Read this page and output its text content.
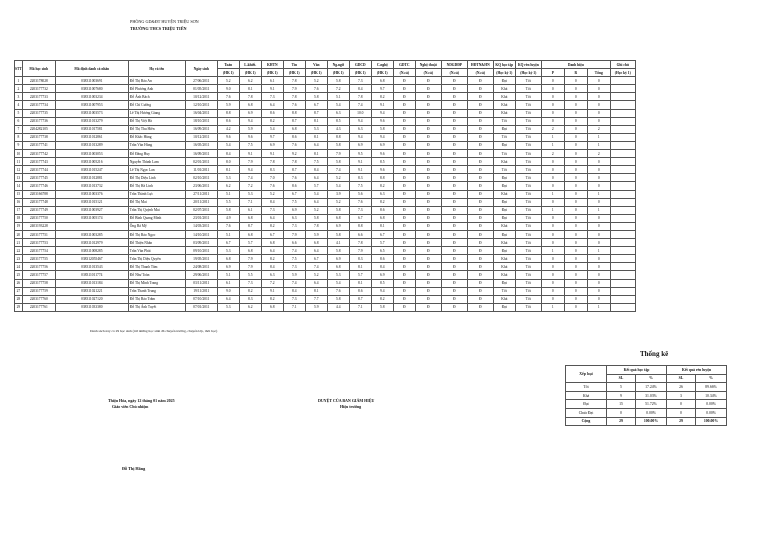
PHÒNG GD&ĐT HUYỆN TRIỆU SƠN
TRƯỜNG THCS TRIỆU TIẾN
STT	Mã học sinh	Mã định danh cá nhân	Họ và tên	Ngày sinh	Toán	L.khiết.	KHTN	Tin	Văn	Ng.ngữ	GDCD	C.nghệ	GDTC	Nghệ thuật	NDGDĐP	HĐTN&HN	KQ học tập	KQ rèn luyện	Danh hiệu			Ghi chú
					(HK 1)	(HK 1)	(HK 1)	(HK 1)	(HK 1)	(HK 1)	(HK 1)	(HK 1)	(N.cả)	(N.cả)	(N.cả)	(N.cả)	(Học kỳ 1)	(Học kỳ 1)	P	R	Tổng	(Học kỳ 1)
1	2203178028	038311003691	Đỗ Thị Bảo An	27/06/2011	5.2	6.2	6.1	7.8	5.2	5.8	7.3	6.8	Đ	Đ	Đ	Đ	Đạt	Tốt	0	0	0	
2	2203177732	038311007680	Đỗ Phương Anh	01/05/2011	9.0	8.1	9.1	7.9	7.6	7.2	8.4	9.7	Đ	Đ	Đ	Đ	Khá	Tốt	0	0	0	
3	2203177733	038311003234	Đỗ Ánh Bách	10/12/2011	7.6	7.8	7.3	7.8	5.8	5.1	7.8	8.2	Đ	Đ	Đ	Đ	Khá	Tốt	0	0	0	
4	2203177734	038311007953	Đỗ Chí Cường	12/10/2011	5.9	6.8	6.4	7.6	6.7	5.4	7.4	9.1	Đ	Đ	Đ	Đ	Khá	Tốt	0	0	0	
5	2203177735	038311003573	Lê Thị Hương Giang	16/04/2011	8.8	6.9	8.6	8.8	8.7	6.3	10.0	9.4	Đ	Đ	Đ	Đ	Khá	Tốt	0	0	0	
6	2203177736	038311013279	Đỗ Thị Việt Hà	18/10/2011	8.6	9.4	8.2	8.7	8.1	8.5	9.4	9.6	Đ	Đ	Đ	Đ	Tốt	Tốt	0	0	0	
7	2204282105	038311017581	Đỗ Thị Thu Hiền	16/09/2011	4.2	5.9	5.4	6.8	5.3	4.3	6.3	5.8	Đ	Đ	Đ	Đ	Đạt	Tốt	2	0	2	
8	2203177738	038311012861	Đỗ Khắc Hùng	10/12/2011	9.6	9.6	9.7	8.6	8.1	8.8	9.4	9.4	Đ	Đ	Đ	Đ	Tốt	Tốt	1	0	1	
9	2203177741	038311013289	Trần Văn Hùng	16/05/2011	5.4	7.5	6.9	7.6	6.4	5.8	6.9	6.9	Đ	Đ	Đ	Đ	Đạt	Tốt	1	0	1	
10	2203177742	038311003053	Đỗ Đăng Huy	16/09/2011	8.4	9.1	9.1	9.2	8.1	7.9	9.5	9.6	Đ	Đ	Đ	Đ	Tốt	Tốt	2	0	2	
11	2203177743	038311005216	Nguyễn Thành Lam	02/01/2011	8.0	7.9	7.8	7.8	7.5	5.8	9.1	8.5	Đ	Đ	Đ	Đ	Khá	Tốt	0	0	0	
12	2203177744	038311015247	Lê Thị Ngọc Lan	11/01/2011	8.1	9.4	8.3	8.7	8.4	7.4	9.1	9.6	Đ	Đ	Đ	Đ	Tốt	Tốt	0	0	0	
13	2203177745	038311012881	Đỗ Thị Diệu Linh	02/10/2011	5.3	7.4	7.0	7.6	6.4	5.2	8.3	8.8	Đ	Đ	Đ	Đ	Đạt	Tốt	0	0	0	
14	2203177746	038311013732	Đỗ Thị Hà Linh	23/06/2011	6.2	7.2	7.6	8.6	5.7	5.4	7.5	8.2	Đ	Đ	Đ	Đ	Đạt	Tốt	0	0	0	
15	2203166788	038311003376	Trần Thành Lực	27/11/2011	5.1	5.3	5.2	6.7	5.4	3.9	5.6	6.3	Đ	Đ	Đ	Đ	Khá	Tốt	1	0	1	
16	2203177748	038311015121	Đỗ Thị Mai	20/11/2011	5.5	7.1	8.4	7.5	6.4	5.2	7.6	8.2	Đ	Đ	Đ	Đ	Đạt	Tốt	0	0	0	
17	2203177749	038311003927	Trần Thị Quỳnh Mai	02/07/2011	5.8	6.1	7.3	6.9	5.2	5.8	7.3	8.6	Đ	Đ	Đ	Đ	Đạt	Tốt	1	0	1	
18	2203177750	038311005174	Đỗ Bình Quang Minh	23/01/2011	4.9	6.8	6.4	6.3	5.8	6.8	6.7	6.8	Đ	Đ	Đ	Đ	Đạt	Tốt	0	0	0	
19	2403193228		Ông Bá Mỹ	14/03/2011	7.6	8.7	8.2	7.3	7.8	6.9	8.8	8.1	Đ	Đ	Đ	Đ	Khá	Tốt	0	0	0	
20	2203177751	038311003285	Đỗ Thị Bảo Ngọc	14/10/2011	5.1	6.8	6.7	7.9	5.9	5.8	6.6	6.7	Đ	Đ	Đ	Đ	Đạt	Tốt	0	0	0	
21	2203177753	038311012979	Đỗ Thiện Nhân	03/09/2011	6.7	5.7	6.8	6.6	6.8	4.1	7.8	5.7	Đ	Đ	Đ	Đ	Khá	Tốt	0	0	0	
22	2203177754	038311008285	Trần Văn Phát	09/10/2011	5.3	6.8	6.4	7.4	6.4	5.8	7.9	6.5	Đ	Đ	Đ	Đ	Đạt	Tốt	1	0	1	
23	2203177755	038312055467	Trần Thị Diệu Quyên	19/05/2011	6.8	7.9	8.2	7.5	6.7	6.9	8.3	8.6	Đ	Đ	Đ	Đ	Khá	Tốt	0	0	0	
24	2203177756	038311013543	Đỗ Thị Thanh Tâm	24/08/2011	6.9	7.9	8.4	7.3	7.4	6.8	8.1	8.4	Đ	Đ	Đ	Đ	Khá	Tốt	0	0	0	
25	2203177757	038311011774	Đỗ Như Toàn	29/06/2011	5.1	5.5	6.3	5.9	5.2	5.3	5.7	6.9	Đ	Đ	Đ	Đ	Khá	Tốt	0	0	0	
26	2203177758	038311013184	Đỗ Thị Minh Trang	03/11/2011	6.1	7.3	7.2	7.4	6.4	5.4	8.1	8.5	Đ	Đ	Đ	Đ	Đạt	Tốt	0	0	0	
27	2203177759	038311021221	Trần Thanh Trung	19/11/2011	9.0	8.2	9.1	8.4	8.1	7.6	8.6	9.4	Đ	Đ	Đ	Đ	Tốt	Tốt	0	0	0	
28	2203177760	038311027120	Đỗ Thị Bảo Trâm	07/10/2011	6.4	8.3	8.2	7.3	7.7	5.8	8.7	8.2	Đ	Đ	Đ	Đ	Khá	Tốt	0	0	0	
29	2203177761	038311033380	Đỗ Thị Ánh Tuyết	07/01/2011	5.3	6.2	6.8	7.1	5.9	4.4	7.1	5.8	Đ	Đ	Đ	Đ	Đạt	Tốt	1	0	1	
Danh sách này có 29 học sinh (trừ những học sinh đã chuyển trường, chuyển lớp, thôi học)
Thống kê
Xếp loại	Kết quả học tập		Kết quả rèn luyện	
	SL	%	SL	%
Tốt	5	17.24%	26	89.66%
Khá	9	31.03%	3	10.34%
Đạt	15	51.72%	0	0.00%
Chưa Đạt	0	0.00%	0	0.00%
Cộng	29	100.00%	29	100.00%
Thiệu Hóa, ngày 12 tháng 01 năm 2025
Giáo viên Chủ nhiệm
Đỗ Thị Hằng
DUYỆT CỦA BAN GIÁM HIỆU
Hiệu trưởng
